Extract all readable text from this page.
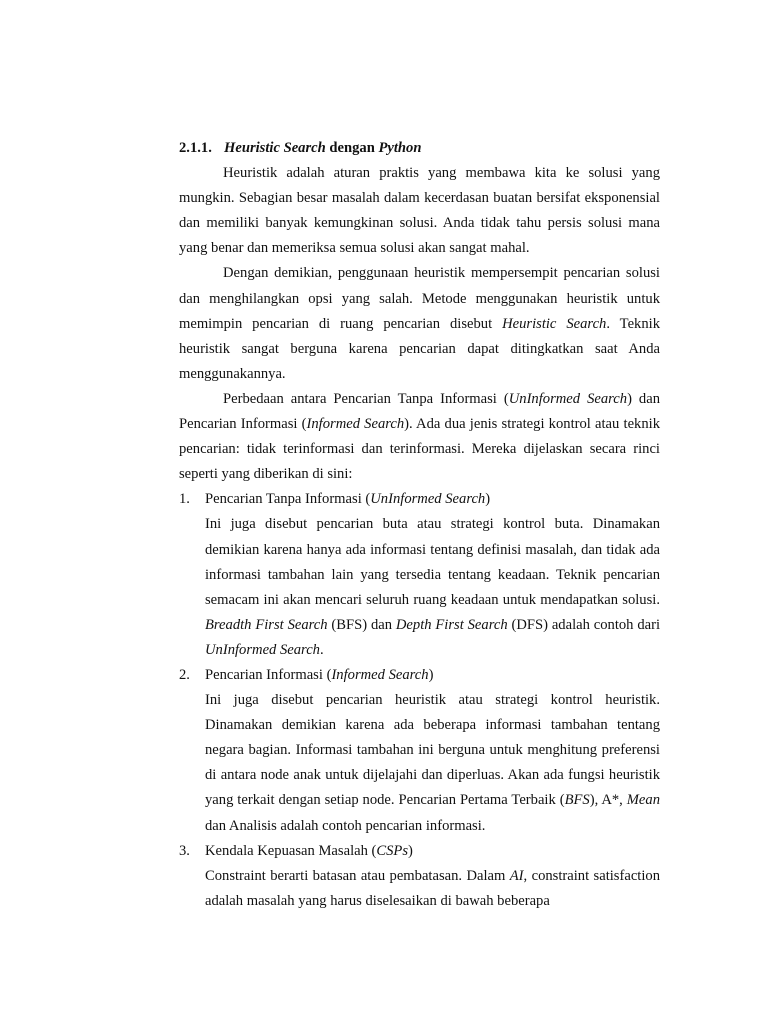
2.1.1. Heuristic Search dengan Python

Heuristik adalah aturan praktis yang membawa kita ke solusi yang mungkin. Sebagian besar masalah dalam kecerdasan buatan bersifat eksponensial dan memiliki banyak kemungkinan solusi. Anda tidak tahu persis solusi mana yang benar dan memeriksa semua solusi akan sangat mahal.

Dengan demikian, penggunaan heuristik mempersempit pencarian solusi dan menghilangkan opsi yang salah. Metode menggunakan heuristik untuk memimpin pencarian di ruang pencarian disebut Heuristic Search. Teknik heuristik sangat berguna karena pencarian dapat ditingkatkan saat Anda menggunakannya.

Perbedaan antara Pencarian Tanpa Informasi (UnInformed Search) dan Pencarian Informasi (Informed Search). Ada dua jenis strategi kontrol atau teknik pencarian: tidak terinformasi dan terinformasi. Mereka dijelaskan secara rinci seperti yang diberikan di sini:

1. Pencarian Tanpa Informasi (UnInformed Search)

Ini juga disebut pencarian buta atau strategi kontrol buta. Dinamakan demikian karena hanya ada informasi tentang definisi masalah, dan tidak ada informasi tambahan lain yang tersedia tentang keadaan. Teknik pencarian semacam ini akan mencari seluruh ruang keadaan untuk mendapatkan solusi. Breadth First Search (BFS) dan Depth First Search (DFS) adalah contoh dari UnInformed Search.

2. Pencarian Informasi (Informed Search)

Ini juga disebut pencarian heuristik atau strategi kontrol heuristik. Dinamakan demikian karena ada beberapa informasi tambahan tentang negara bagian. Informasi tambahan ini berguna untuk menghitung preferensi di antara node anak untuk dijelajahi dan diperluas. Akan ada fungsi heuristik yang terkait dengan setiap node. Pencarian Pertama Terbaik (BFS), A*, Mean dan Analisis adalah contoh pencarian informasi.

3. Kendala Kepuasan Masalah (CSPs)

Constraint berarti batasan atau pembatasan. Dalam AI, constraint satisfaction adalah masalah yang harus diselesaikan di bawah beberapa
